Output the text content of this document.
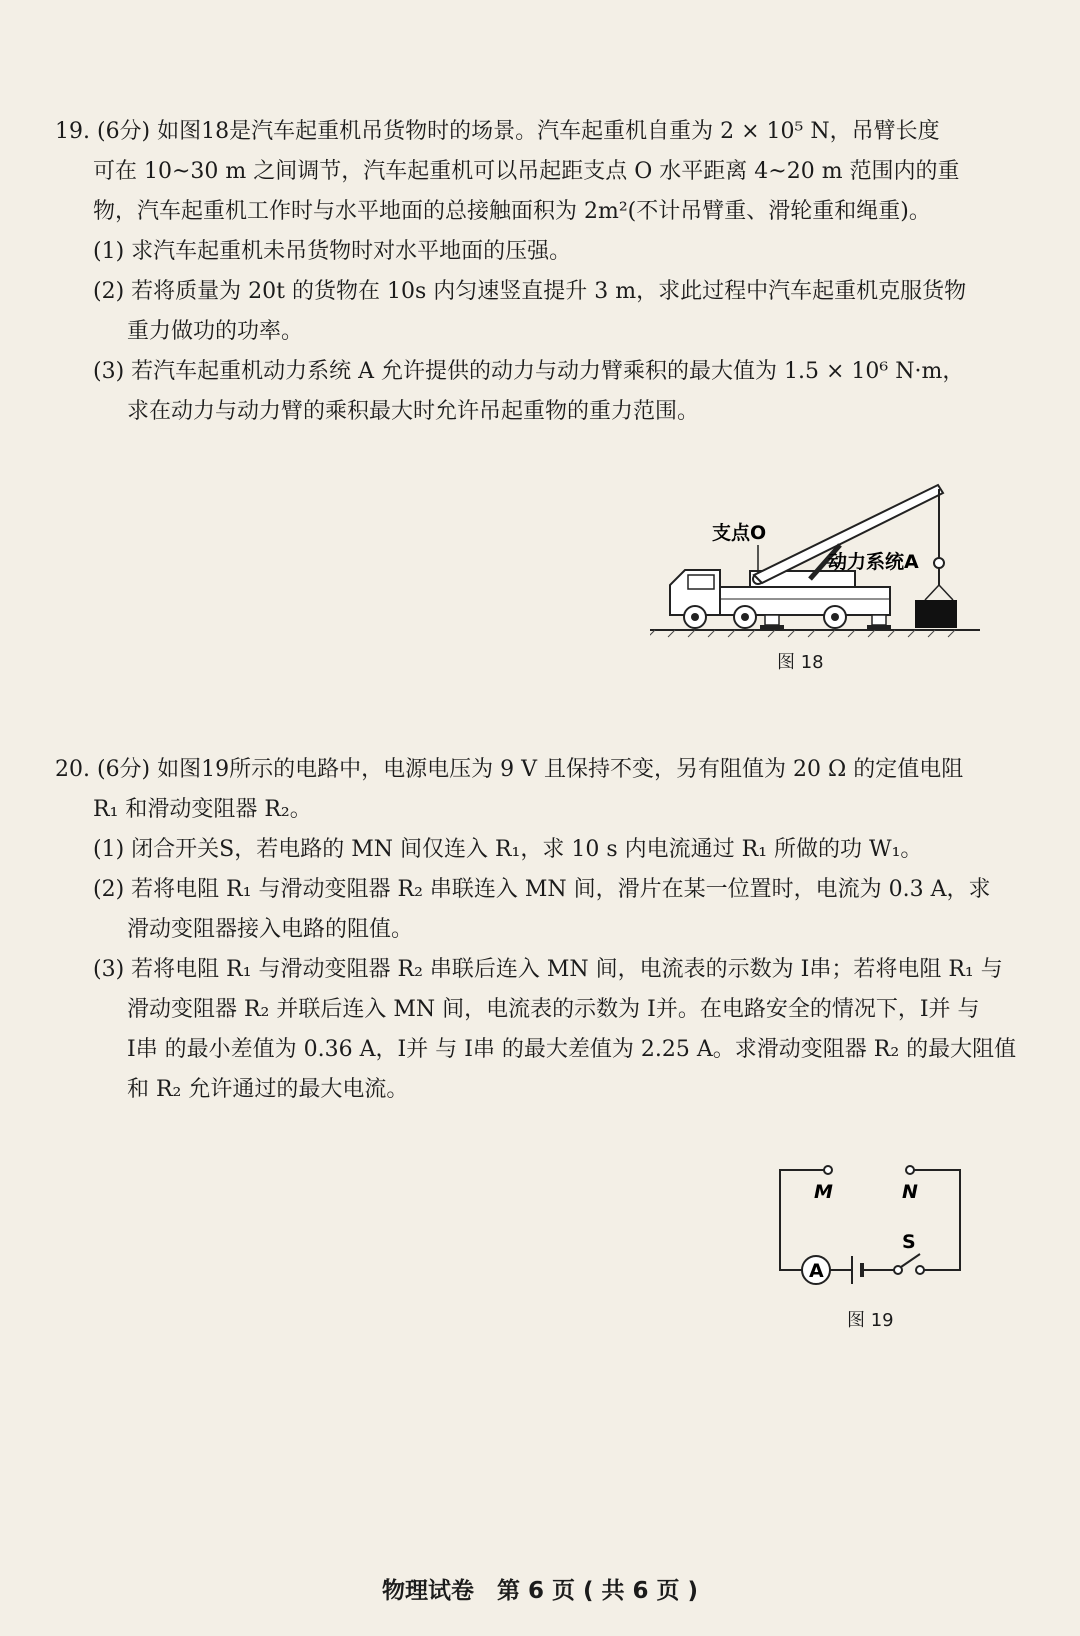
19. (6分) 如图18是汽车起重机吊货物时的场景。汽车起重机自重为 2 × 10⁵ N，吊臂长度
可在 10~30 m 之间调节，汽车起重机可以吊起距支点 O 水平距离 4~20 m 范围内的重
物，汽车起重机工作时与水平地面的总接触面积为 2m²(不计吊臂重、滑轮重和绳重)。
(1) 求汽车起重机未吊货物时对水平地面的压强。
(2) 若将质量为 20t 的货物在 10s 内匀速竖直提升 3 m，求此过程中汽车起重机克服货物
重力做功的功率。
(3) 若汽车起重机动力系统 A 允许提供的动力与动力臂乘积的最大值为 1.5 × 10⁶ N·m，
求在动力与动力臂的乘积最大时允许吊起重物的重力范围。
支点O
动力系统A
图 18
20. (6分) 如图19所示的电路中，电源电压为 9 V 且保持不变，另有阻值为 20 Ω 的定值电阻
R₁ 和滑动变阻器 R₂。
(1) 闭合开关S，若电路的 MN 间仅连入 R₁，求 10 s 内电流通过 R₁ 所做的功 W₁。
(2) 若将电阻 R₁ 与滑动变阻器 R₂ 串联连入 MN 间，滑片在某一位置时，电流为 0.3 A，求
滑动变阻器接入电路的阻值。
(3) 若将电阻 R₁ 与滑动变阻器 R₂ 串联后连入 MN 间，电流表的示数为 I串；若将电阻 R₁ 与
滑动变阻器 R₂ 并联后连入 MN 间，电流表的示数为 I并。在电路安全的情况下，I并 与
I串 的最小差值为 0.36 A，I并 与 I串 的最大差值为 2.25 A。求滑动变阻器 R₂ 的最大阻值
和 R₂ 允许通过的最大电流。
M	N
A
S
图 19
物理试卷　第 6 页 ( 共 6 页 )
